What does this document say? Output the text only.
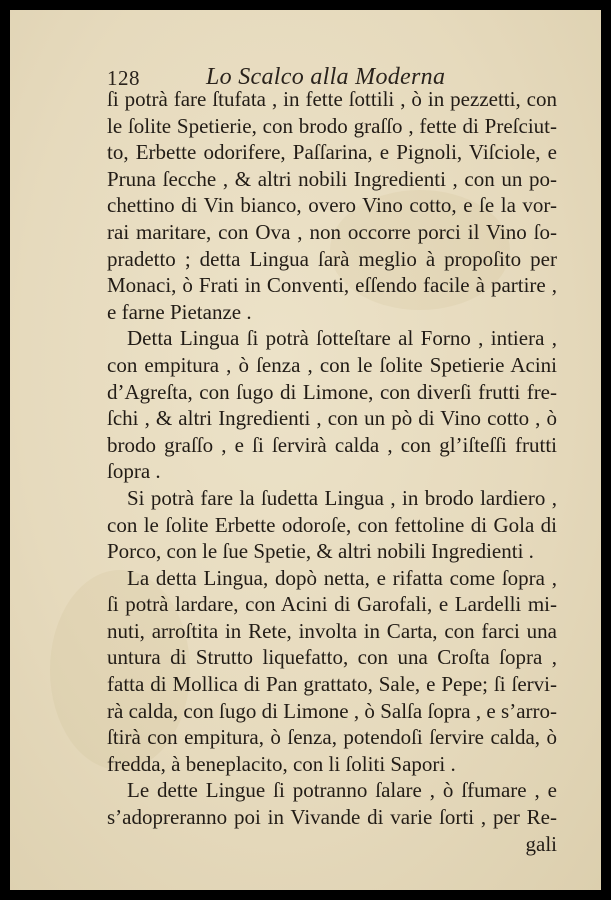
128	Lo Scalco alla Moderna
ſi potrà fare ſtufata , in fette ſottili , ò in pezzetti, con
le ſolite Spetierie, con brodo graſſo , fette di Preſciut-
to, Erbette odorifere, Paſſarina, e Pignoli, Viſciole, e
Pruna ſecche , & altri nobili Ingredienti , con un po-
chettino di Vin bianco, overo Vino cotto, e ſe la vor-
rai maritare, con Ova , non occorre porci il Vino ſo-
pradetto ; detta Lingua ſarà meglio à propoſito per
Monaci, ò Frati in Conventi, eſſendo facile à partire ,
e farne Pietanze .
Detta Lingua ſi potrà ſotteſtare al Forno , intiera ,
con empitura , ò ſenza , con le ſolite Spetierie Acini
d’Agreſta, con ſugo di Limone, con diverſi frutti fre-
ſchi , & altri Ingredienti , con un pò di Vino cotto , ò
brodo graſſo , e ſi ſervirà calda , con gl’iſteſſi frutti
ſopra .
Si potrà fare la ſudetta Lingua , in brodo lardiero ,
con le ſolite Erbette odoroſe, con fettoline di Gola di
Porco, con le ſue Spetie, & altri nobili Ingredienti .
La detta Lingua, dopò netta, e rifatta come ſopra ,
ſi potrà lardare, con Acini di Garofali, e Lardelli mi-
nuti, arroſtita in Rete, involta in Carta, con farci una
untura di Strutto liquefatto, con una Croſta ſopra ,
fatta di Mollica di Pan grattato, Sale, e Pepe; ſi ſervi-
rà calda, con ſugo di Limone , ò Salſa ſopra , e s’arro-
ſtirà con empitura, ò ſenza, potendoſi ſervire calda, ò
fredda, à beneplacito, con li ſoliti Sapori .
Le dette Lingue ſi potranno ſalare , ò ſfumare , e
s’adopreranno poi in Vivande di varie ſorti , per Re-
gali
